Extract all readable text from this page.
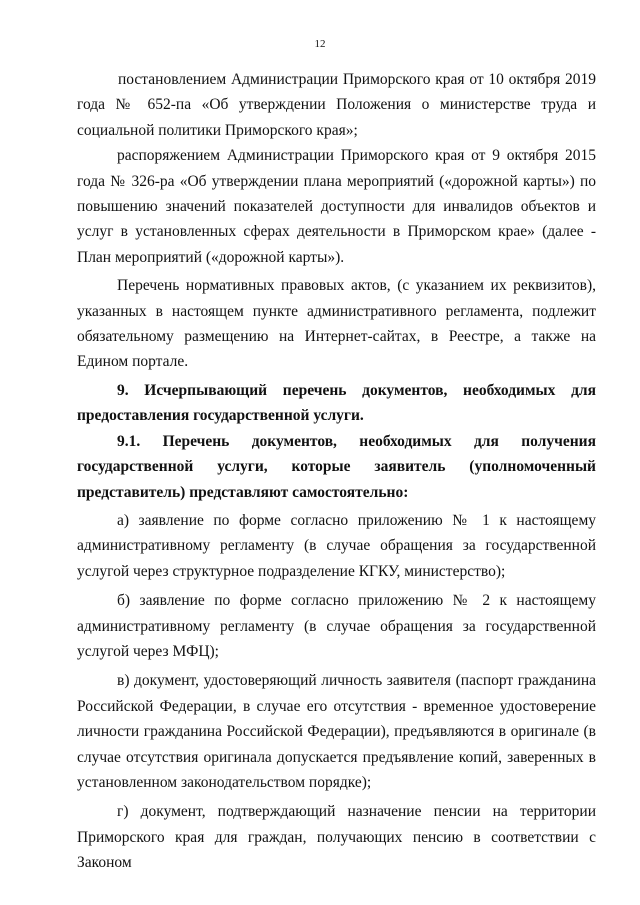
12

постановлением Администрации Приморского края от 10 октября 2019 года № 652-па «Об утверждении Положения о министерстве труда и социальной политики Приморского края»;

распоряжением Администрации Приморского края от 9 октября 2015 года № 326-ра «Об утверждении плана мероприятий («дорожной карты») по повышению значений показателей доступности для инвалидов объектов и услуг в установленных сферах деятельности в Приморском крае» (далее - План мероприятий («дорожной карты»).

Перечень нормативных правовых актов, (с указанием их реквизитов), указанных в настоящем пункте административного регламента, подлежит обязательному размещению на Интернет-сайтах, в Реестре, а также на Едином портале.

9. Исчерпывающий перечень документов, необходимых для предоставления государственной услуги.

9.1. Перечень документов, необходимых для получения государственной услуги, которые заявитель (уполномоченный представитель) представляют самостоятельно:

а) заявление по форме согласно приложению № 1 к настоящему административному регламенту (в случае обращения за государственной услугой через структурное подразделение КГКУ, министерство);

б) заявление по форме согласно приложению № 2 к настоящему административному регламенту (в случае обращения за государственной услугой через МФЦ);

в) документ, удостоверяющий личность заявителя (паспорт гражданина Российской Федерации, в случае его отсутствия - временное удостоверение личности гражданина Российской Федерации), предъявляются в оригинале (в случае отсутствия оригинала допускается предъявление копий, заверенных в установленном законодательством порядке);

г) документ, подтверждающий назначение пенсии на территории Приморского края для граждан, получающих пенсию в соответствии с Законом
